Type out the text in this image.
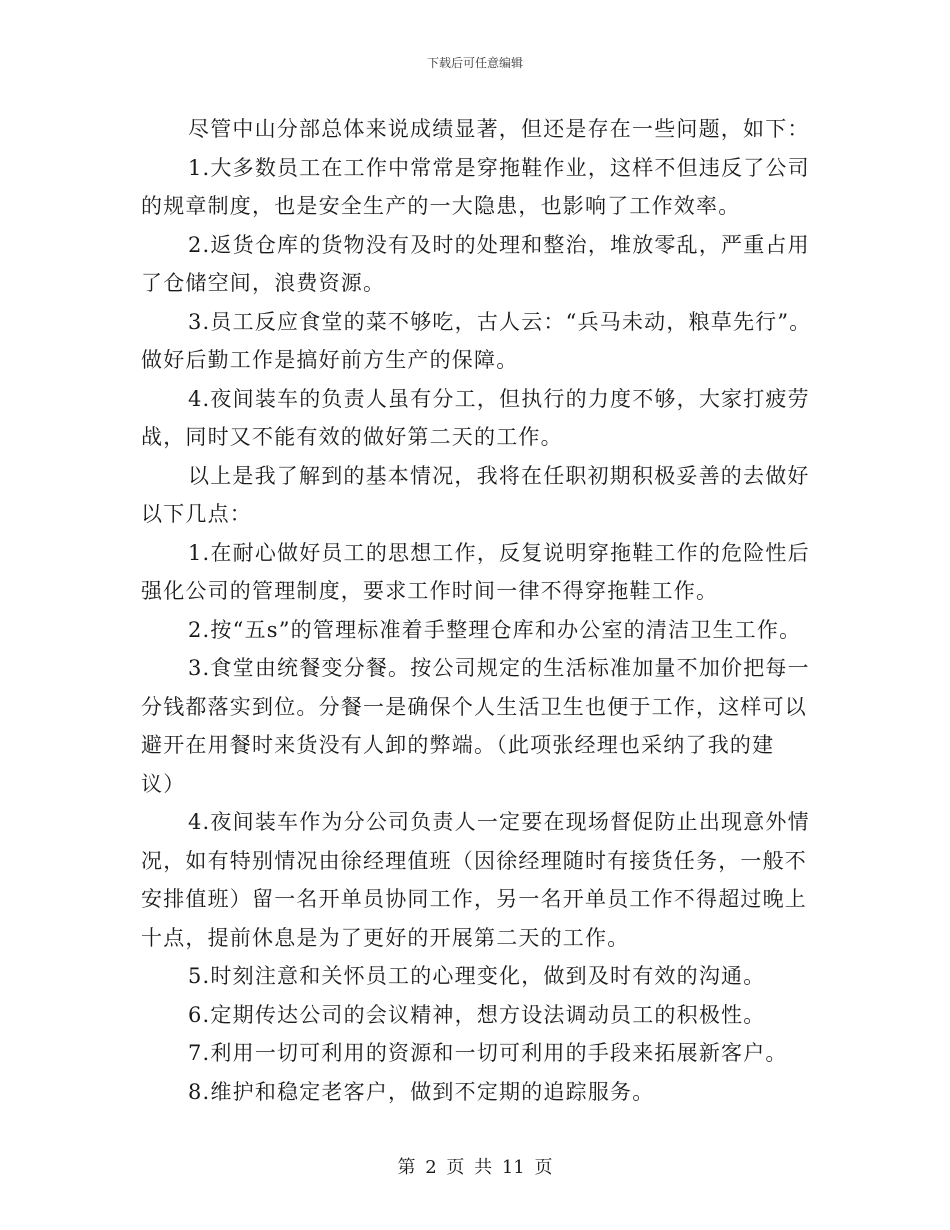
下载后可任意编辑
尽管中山分部总体来说成绩显著，但还是存在一些问题，如下：
1.大多数员工在工作中常常是穿拖鞋作业，这样不但违反了公司
的规章制度，也是安全生产的一大隐患，也影响了工作效率。
2.返货仓库的货物没有及时的处理和整治，堆放零乱，严重占用
了仓储空间，浪费资源。
3.员工反应食堂的菜不够吃，古人云：“兵马未动，粮草先行”。
做好后勤工作是搞好前方生产的保障。
4.夜间装车的负责人虽有分工，但执行的力度不够，大家打疲劳
战，同时又不能有效的做好第二天的工作。
以上是我了解到的基本情况，我将在任职初期积极妥善的去做好
以下几点：
1.在耐心做好员工的思想工作，反复说明穿拖鞋工作的危险性后
强化公司的管理制度，要求工作时间一律不得穿拖鞋工作。
2.按“五s”的管理标准着手整理仓库和办公室的清洁卫生工作。
3.食堂由统餐变分餐。按公司规定的生活标准加量不加价把每一
分钱都落实到位。分餐一是确保个人生活卫生也便于工作，这样可以
避开在用餐时来货没有人卸的弊端。（此项张经理也采纳了我的建
议）
4.夜间装车作为分公司负责人一定要在现场督促防止出现意外情
况，如有特别情况由徐经理值班（因徐经理随时有接货任务，一般不
安排值班）留一名开单员协同工作，另一名开单员工作不得超过晚上
十点，提前休息是为了更好的开展第二天的工作。
5.时刻注意和关怀员工的心理变化，做到及时有效的沟通。
6.定期传达公司的会议精神，想方设法调动员工的积极性。
7.利用一切可利用的资源和一切可利用的手段来拓展新客户。
8.维护和稳定老客户，做到不定期的追踪服务。
第 2 页 共 11 页
